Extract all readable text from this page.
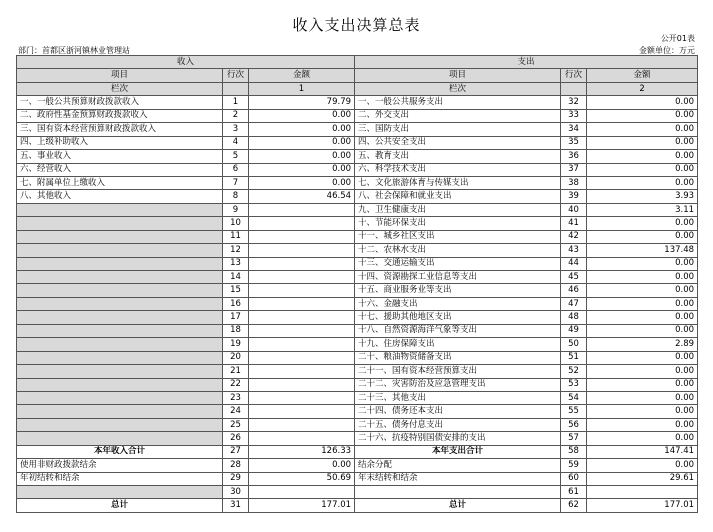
收入支出决算总表
公开01表
部门：首都区浙河镇林业管理站	金额单位：万元
收入			支出		
项目	行次	金额	项目	行次	金额
栏次		1	栏次		2
一、一般公共预算财政拨款收入	1	79.79	一、一般公共服务支出	32	0.00
二、政府性基金预算财政拨款收入	2	0.00	二、外交支出	33	0.00
三、国有资本经营预算财政拨款收入	3	0.00	三、国防支出	34	0.00
四、上级补助收入	4	0.00	四、公共安全支出	35	0.00
五、事业收入	5	0.00	五、教育支出	36	0.00
六、经营收入	6	0.00	六、科学技术支出	37	0.00
七、附属单位上缴收入	7	0.00	七、文化旅游体育与传媒支出	38	0.00
八、其他收入	8	46.54	八、社会保障和就业支出	39	3.93
	9		九、卫生健康支出	40	3.11
	10		十、节能环保支出	41	0.00
	11		十一、城乡社区支出	42	0.00
	12		十二、农林水支出	43	137.48
	13		十三、交通运输支出	44	0.00
	14		十四、资源勘探工业信息等支出	45	0.00
	15		十五、商业服务业等支出	46	0.00
	16		十六、金融支出	47	0.00
	17		十七、援助其他地区支出	48	0.00
	18		十八、自然资源海洋气象等支出	49	0.00
	19		十九、住房保障支出	50	2.89
	20		二十、粮油物资储备支出	51	0.00
	21		二十一、国有资本经营预算支出	52	0.00
	22		二十二、灾害防治及应急管理支出	53	0.00
	23		二十三、其他支出	54	0.00
	24		二十四、债务还本支出	55	0.00
	25		二十五、债务付息支出	56	0.00
	26		二十六、抗疫特别国债安排的支出	57	0.00
本年收入合计	27	126.33	本年支出合计	58	147.41
使用非财政拨款结余	28	0.00	结余分配	59	0.00
年初结转和结余	29	50.69	年末结转和结余	60	29.61
	30			61	
总计	31	177.01	总计	62	177.01
